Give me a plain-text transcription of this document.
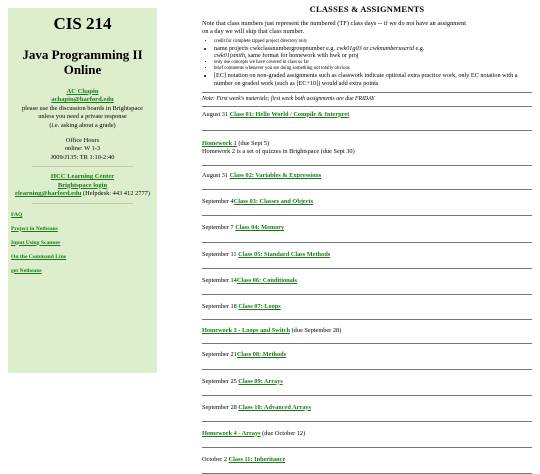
CIS 214
Java Programming II Online
AC Chapin
achapin@harford.edu
please use the discussion boards in Brightspace
unless you need a private response
(i.e. asking about a grade)
Office Hours
online: W 1-3
J009/J135: TR 1:10-2:40
HCC Learning Center
Brightspace login
elearning@harford.edu (Helpdesk: 443 412 2777)
FAQ
Project in Netbeans
Input Using Scanner
On the Command Line
get Netbeans
CLASSES & ASSIGNMENTS
Note that class numbers just represent the numbered (TF) class days -- if we do not have an assignment
on a day we will skip that class number.
• credit for complete zipped project directory only
• name projects cwkclassnumbergroupnumber e.g. cwk01g03 or cwknumberuserid e.g.
cwk01jsmith, same format for homework with hwk or proj
• only use concepts we have covered in class so far
• brief comments whenever you are doing something not totally obvious
• [EC] notation on non-graded assignments such as classwork indicate optional extra practice work, only EC notation with a number on graded work (such as [EC+10]) would add extra points
Note: First week's materials; first week both assignments are due FRIDAY
August 31 Class 01: Hello World / Compile & Interpret
Homework 1 (due Sept 5)
Homework 2 is a set of quizzes in Brightspace (due Sept 30)
August 31 Class 02: Variables & Expressions
September 4Class 03: Classes and Objects
September 7 Class 04: Memory
September 11 Class 05: Standard Class Methods
September 14Class 06: Conditionals
September 18 Class 07: Loops
Homework 3 - Loops and Switch (due September 28)
September 21Class 08: Methods
September 25 Class 09: Arrays
September 28 Class 10: Advanced Arrays
Homework 4 - Arrays (due October 12)
October 2 Class 11: Inheritance
